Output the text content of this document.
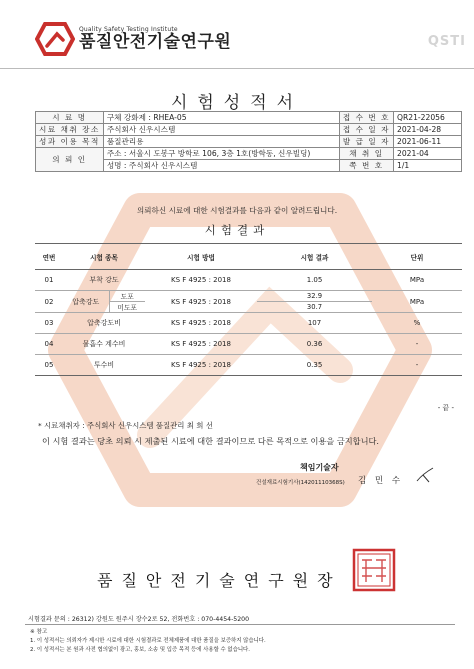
Quality Safety Testing Institute
품질안전기술연구원	QSTI
시험성적서
시 료 명	구체 강화제 : RHEA-05	접 수 번 호	QR21-22056
시료 채취 장소	주식회사 신우시스템	접 수 일 자	2021-04-28
성과 이용 목적	품질관리용	발 급 일 자	2021-06-11
의 뢰 인	주소 : 서울시 도봉구 방학로 106, 3층 1호(방학동, 신우빌딩)	채 취 일	2021-04
	성명 : 주식회사 신우시스템	쪽 번 호	1/1
의뢰하신 시료에 대한 시험결과를 다음과 같이 알려드립니다.
시험결과
연번	시험 종목		시험 방법	시험 결과	단위
01	부착 강도		KS F 4925 : 2018	1.05	MPa
02	압축강도	도포	KS F 4925 : 2018	32.9	MPa
		미도포		30.7	
03	압축강도비		KS F 4925 : 2018	107	%
04	물흡수 계수비		KS F 4925 : 2018	0.36	-
05	투수비		KS F 4925 : 2018	0.35	-
- 끝 -
* 시료채취자 : 주식회사 신우시스템 품질관리 최 희 선
이 시험 결과는 당초 의뢰 시 제출된 시료에 대한 결과이므로 다른 목적으로 이용을 금지합니다.
책임기술자
건설재료시험기사(14201110368S) 김 민 수
품질안전기술연구원장
시험결과 문의 : 26312) 강원도 원주시 장수2로 52, 전화번호 : 070-4454-5200
※ 참고
1. 이 성적서는 의뢰자가 제시한 시료에 대한 시험결과로 전체제품에 대한 품질을 보증하지 않습니다.
2. 이 성적서는 본 원과 사전 협의없이 광고, 홍보, 소송 및 입증 목적 등에 사용할 수 없습니다.
